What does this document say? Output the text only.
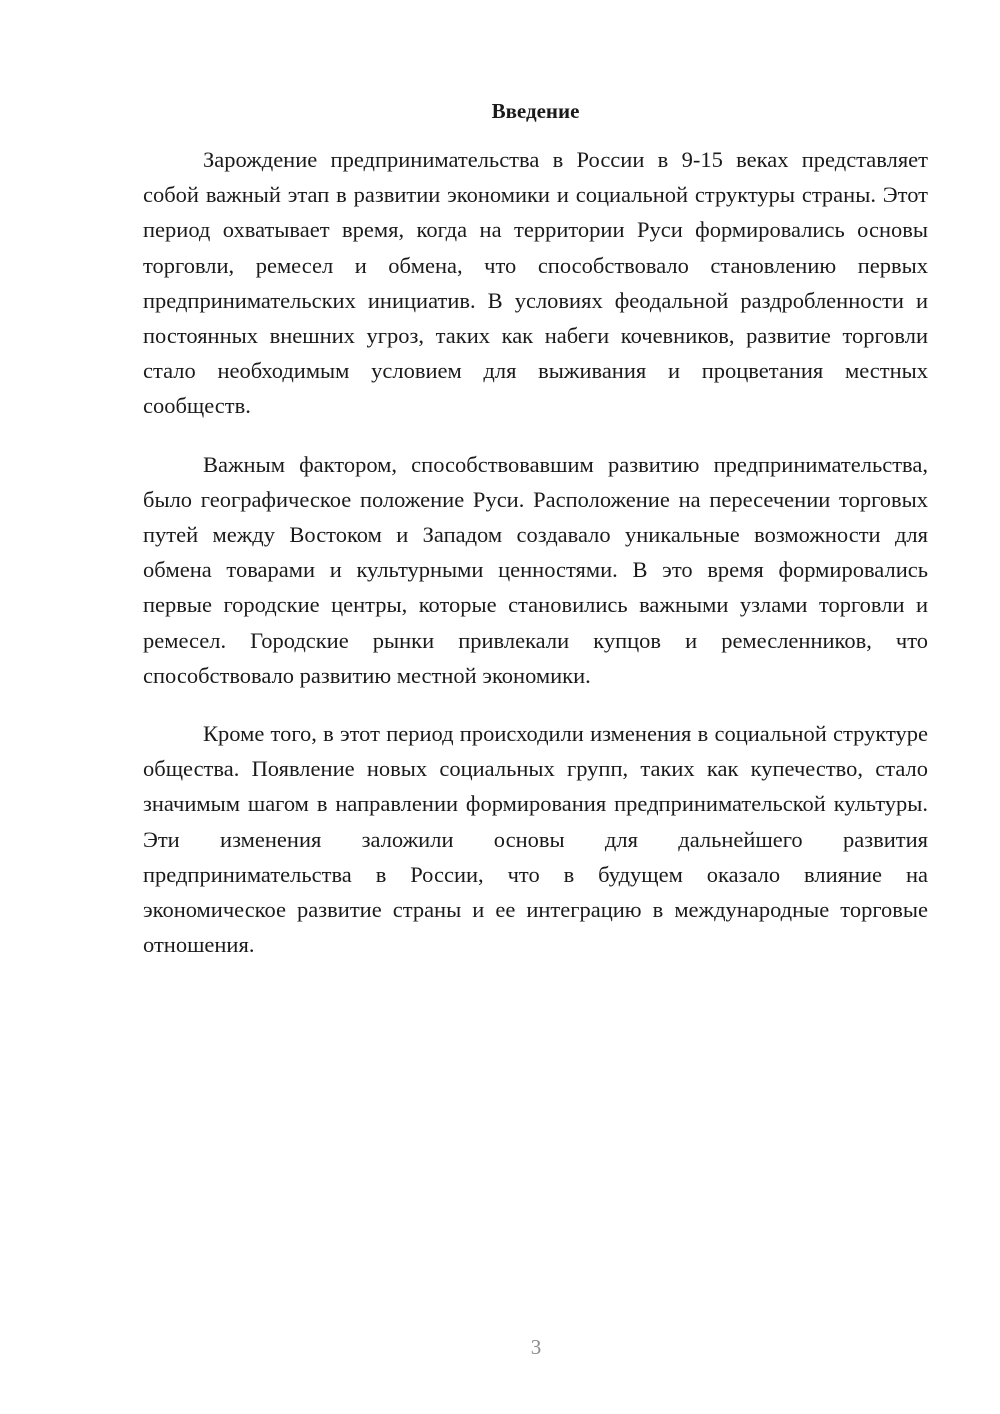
Введение

Зарождение предпринимательства в России в 9-15 веках представляет собой важный этап в развитии экономики и социальной структуры страны. Этот период охватывает время, когда на территории Руси формировались основы торговли, ремесел и обмена, что способствовало становлению первых предпринимательских инициатив. В условиях феодальной раздробленности и постоянных внешних угроз, таких как набеги кочевников, развитие торговли стало необходимым условием для выживания и процветания местных сообществ.

Важным фактором, способствовавшим развитию предпринимательства, было географическое положение Руси. Расположение на пересечении торговых путей между Востоком и Западом создавало уникальные возможности для обмена товарами и культурными ценностями. В это время формировались первые городские центры, которые становились важными узлами торговли и ремесел. Городские рынки привлекали купцов и ремесленников, что способствовало развитию местной экономики.

Кроме того, в этот период происходили изменения в социальной структуре общества. Появление новых социальных групп, таких как купечество, стало значимым шагом в направлении формирования предпринимательской культуры. Эти изменения заложили основы для дальнейшего развития предпринимательства в России, что в будущем оказало влияние на экономическое развитие страны и ее интеграцию в международные торговые отношения.

3
